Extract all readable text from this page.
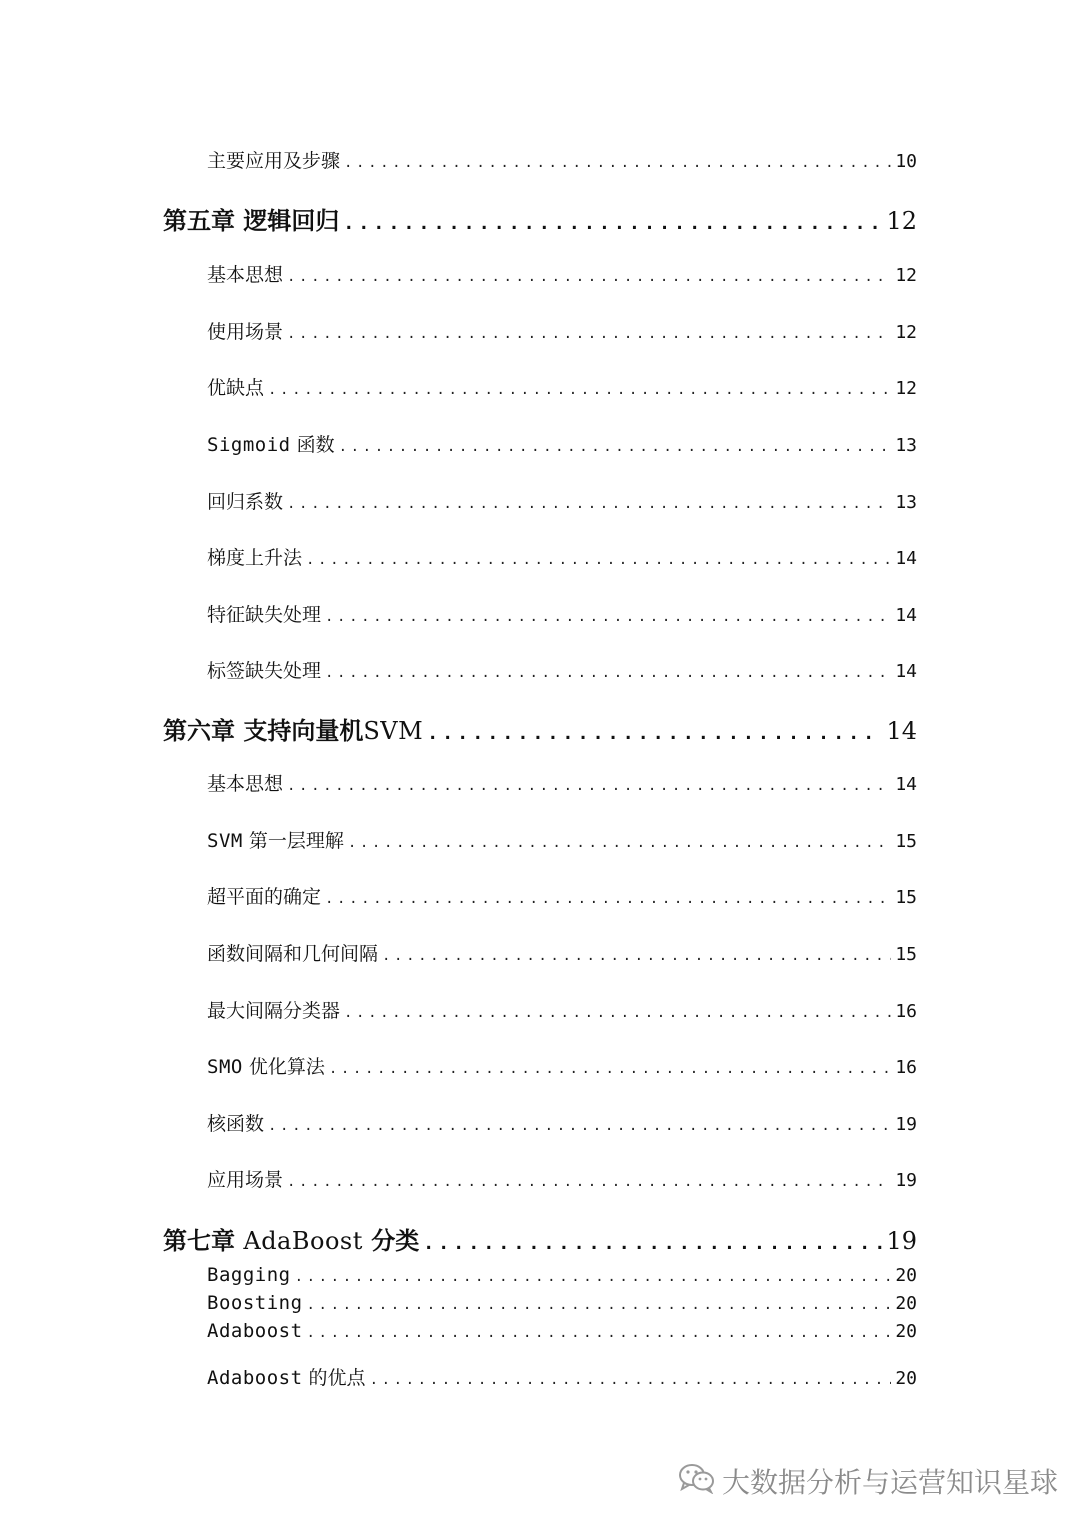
主要应用及步骤 .....	10
第五章 逻辑回归 .....	12
基本思想 .....	12
使用场景 .....	12
优缺点 .....	12
Sigmoid 函数 .....	13
回归系数 .....	13
梯度上升法 .....	14
特征缺失处理 .....	14
标签缺失处理 .....	14
第六章 支持向量机SVM .....	14
基本思想 .....	14
SVM 第一层理解 .....	15
超平面的确定 .....	15
函数间隔和几何间隔 .....	15
最大间隔分类器 .....	16
SMO 优化算法 .....	16
核函数 .....	19
应用场景 .....	19
第七章 AdaBoost 分类 .....	19
Bagging .....	20
Boosting .....	20
Adaboost .....	20
Adaboost 的优点 .....	20
大数据分析与运营知识星球
